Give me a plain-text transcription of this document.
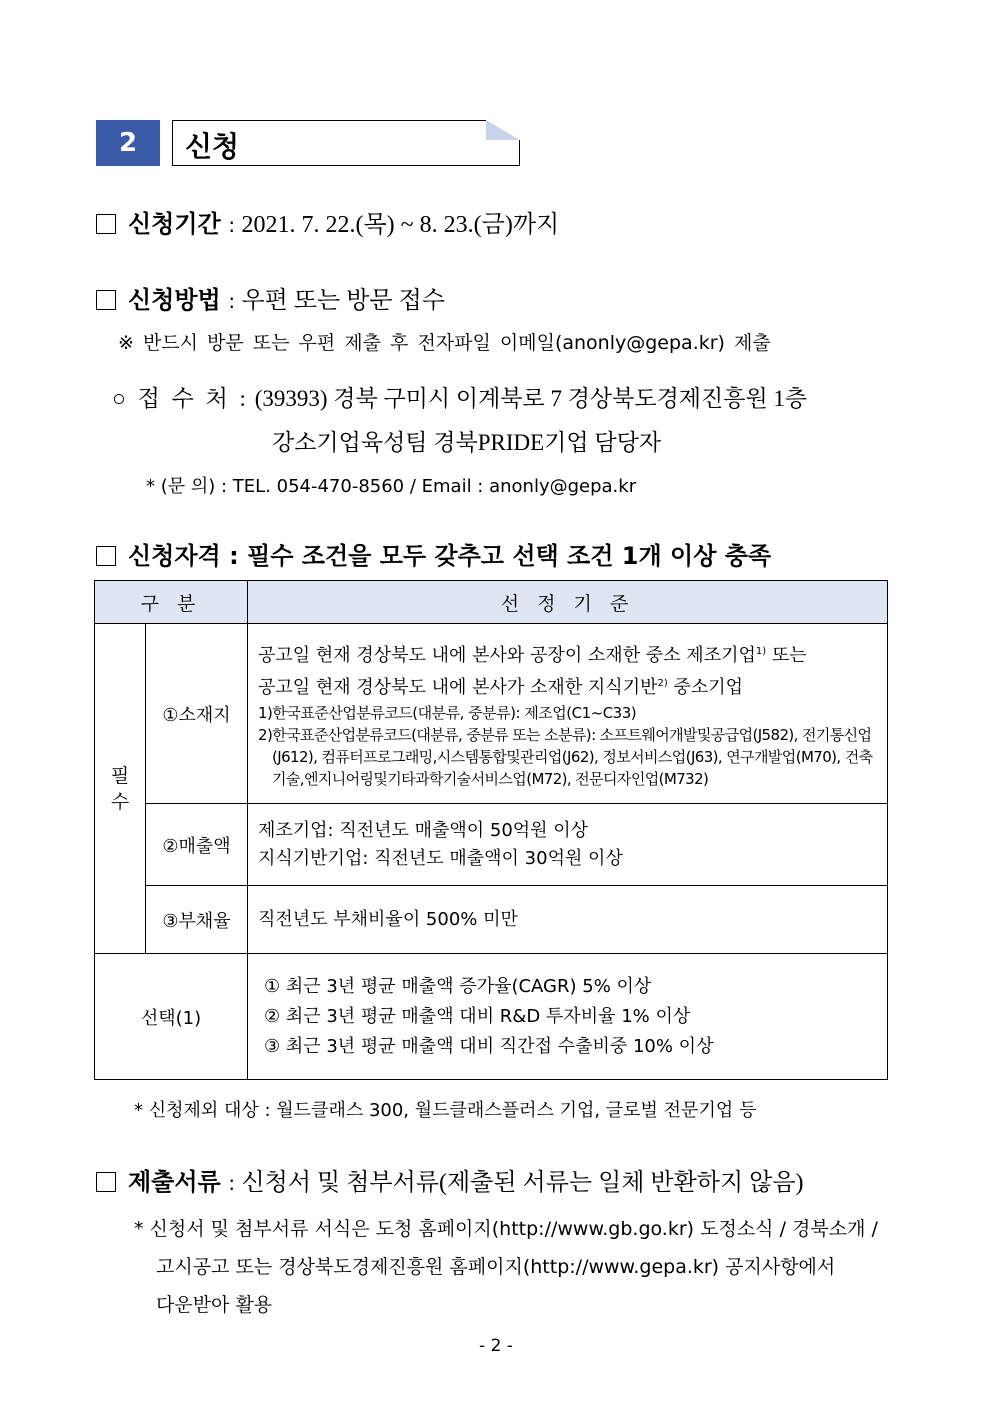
2	신청
신청기간 : 2021. 7. 22.(목) ~ 8. 23.(금)까지
신청방법 : 우편 또는 방문 접수
※ 반드시 방문 또는 우편 제출 후 전자파일 이메일(anonly@gepa.kr) 제출
○ 접 수 처 : (39393) 경북 구미시 이계북로 7 경상북도경제진흥원 1층
강소기업육성팀 경북PRIDE기업 담당자
* (문 의) : TEL. 054-470-8560 / Email : anonly@gepa.kr
신청자격 : 필수 조건을 모두 갖추고 선택 조건 1개 이상 충족
구 분		선 정 기 준

필 수	①소재지	공고일 현재 경상북도 내에 본사와 공장이 소재한 중소 제조기업$^{1)}$ 또는
공고일 현재 경상북도 내에 본사가 소재한 지식기반$^{2)}$ 중소기업
1)한국표준산업분류코드(대분류, 중분류): 제조업(C1~C33)
2)한국표준산업분류코드(대분류, 중분류 또는 소분류): 소프트웨어개발및공급업(J582), 전기통신업(J612), 컴퓨터프로그래밍,시스템통합및관리업(J62), 정보서비스업(J63), 연구개발업(M70), 건축기술,엔지니어링및기타과학기술서비스업(M72), 전문디자인업(M732)

	②매출액	제조기업: 직전년도 매출액이 50억원 이상
지식기반기업: 직전년도 매출액이 30억원 이상

	③부채율	직전년도 부채비율이 500% 미만

선택(1)		① 최근 3년 평균 매출액 증가율(CAGR) 5% 이상
② 최근 3년 평균 매출액 대비 R&D 투자비율 1% 이상
③ 최근 3년 평균 매출액 대비 직간접 수출비중 10% 이상
* 신청제외 대상 : 월드클래스 300, 월드클래스플러스 기업, 글로벌 전문기업 등
제출서류 : 신청서 및 첨부서류(제출된 서류는 일체 반환하지 않음)
* 신청서 및 첨부서류 서식은 도청 홈페이지(http://www.gb.go.kr) 도정소식 / 경북소개 /
고시공고 또는 경상북도경제진흥원 홈페이지(http://www.gepa.kr) 공지사항에서
다운받아 활용
- 2 -
